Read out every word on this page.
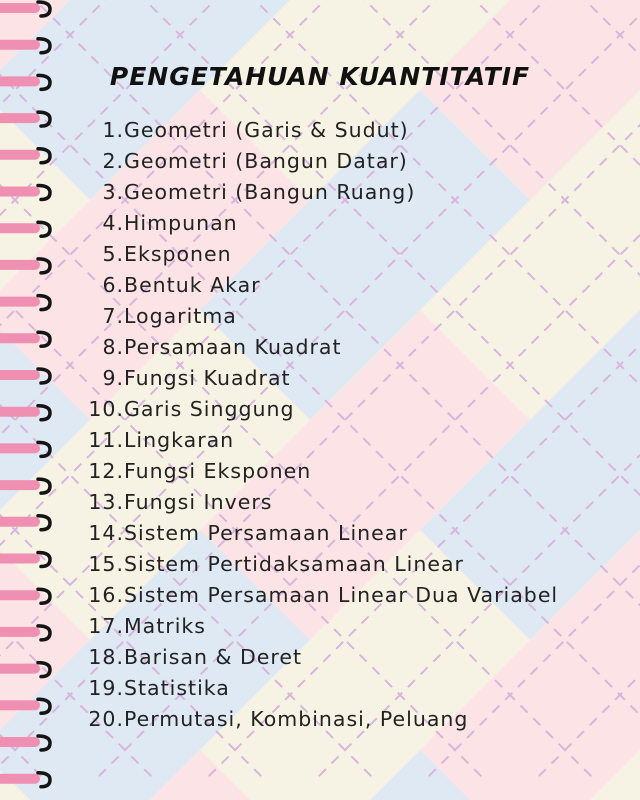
PENGETAHUAN KUANTITATIF
1.Geometri (Garis & Sudut)
2.Geometri (Bangun Datar)
3.Geometri (Bangun Ruang)
4.Himpunan
5.Eksponen
6.Bentuk Akar
7.Logaritma
8.Persamaan Kuadrat
9.Fungsi Kuadrat
10.Garis Singgung
11.Lingkaran
12.Fungsi Eksponen
13.Fungsi Invers
14.Sistem Persamaan Linear
15.Sistem Pertidaksamaan Linear
16.Sistem Persamaan Linear Dua Variabel
17.Matriks
18.Barisan & Deret
19.Statistika
20.Permutasi, Kombinasi, Peluang
